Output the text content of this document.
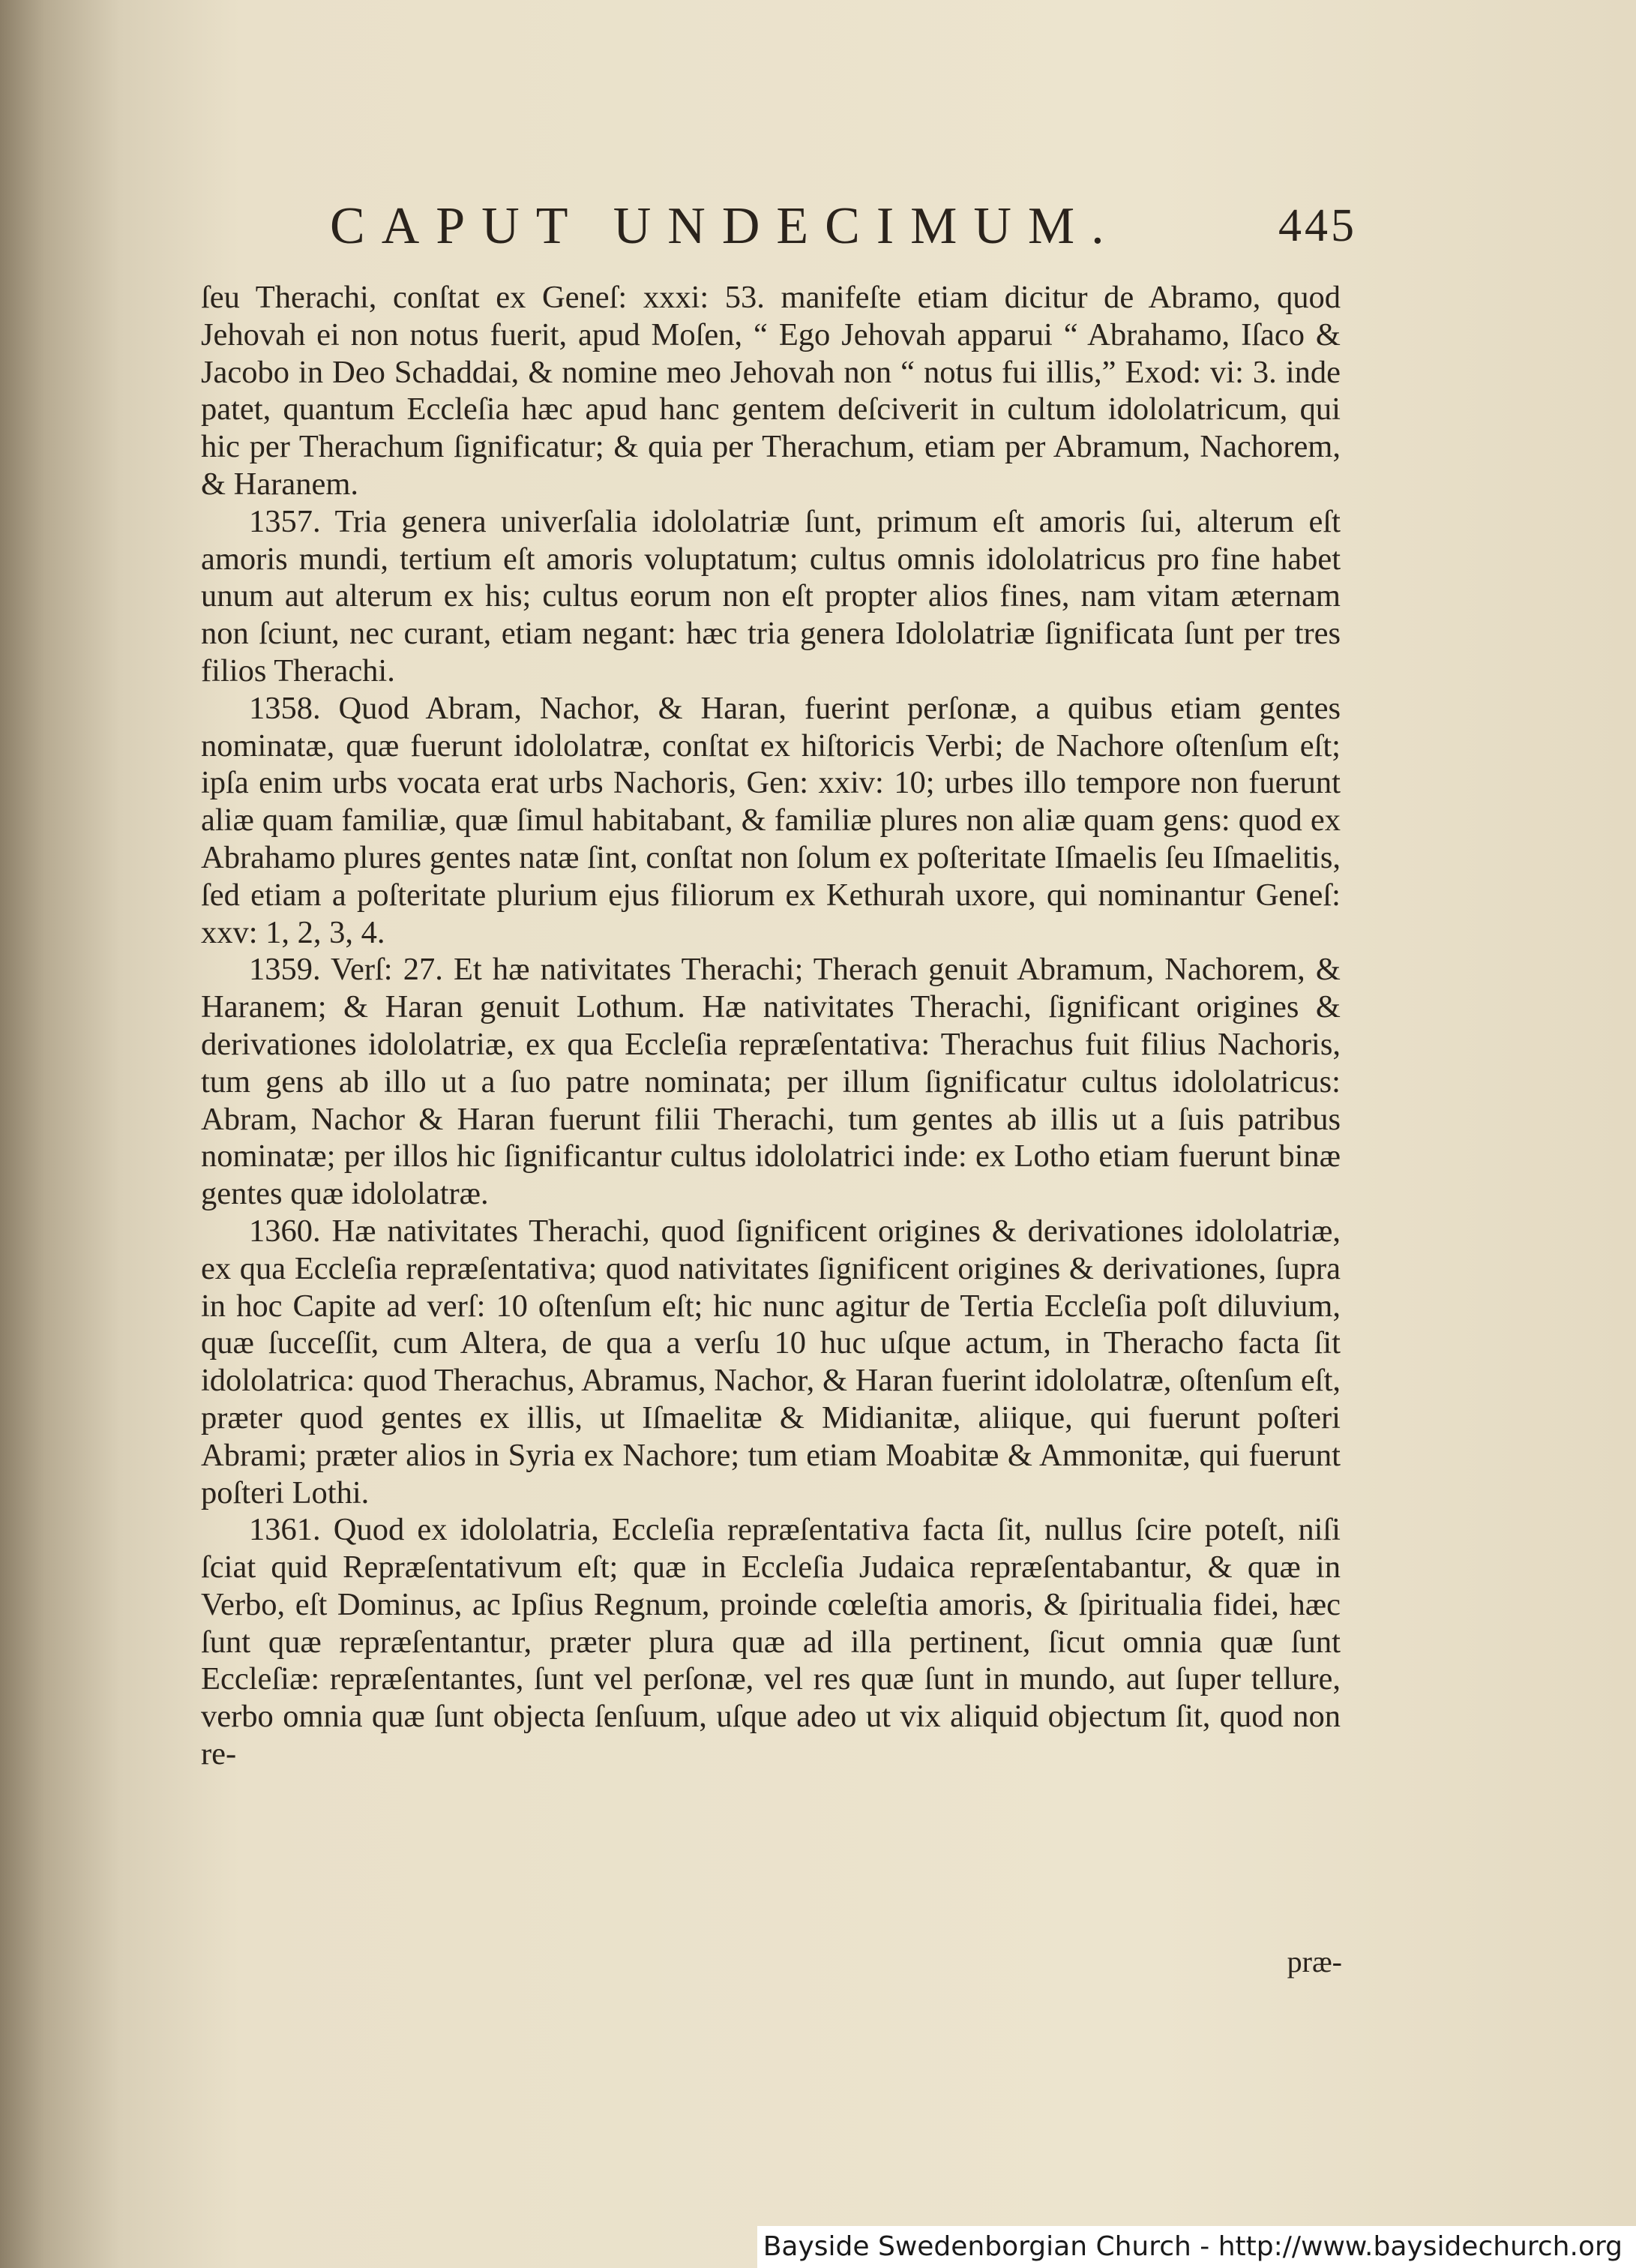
CAPUT UNDECIMUM.	445

ſeu Therachi, conſtat ex Geneſ: xxxi: 53. manifeſte etiam dicitur de Abramo, quod Jehovah ei non notus fuerit, apud Moſen, “ Ego Jehovah apparui “ Abrahamo, Iſaco & Jacobo in Deo Schaddai, & nomine meo Jehovah non “ notus fui illis,” Exod: vi: 3. inde patet, quantum Eccleſia hæc apud hanc gentem deſciverit in cultum idololatricum, qui hic per Therachum ſignificatur; & quia per Therachum, etiam per Abramum, Nachorem, & Haranem.

1357. Tria genera univerſalia idololatriæ ſunt, primum eſt amoris ſui, alterum eſt amoris mundi, tertium eſt amoris voluptatum; cultus omnis idololatricus pro fine habet unum aut alterum ex his; cultus eorum non eſt propter alios fines, nam vitam æternam non ſciunt, nec curant, etiam negant: hæc tria genera Idololatriæ ſignificata ſunt per tres filios Therachi.

1358. Quod Abram, Nachor, & Haran, fuerint perſonæ, a quibus etiam gentes nominatæ, quæ fuerunt idololatræ, conſtat ex hiſtoricis Verbi; de Nachore oſtenſum eſt; ipſa enim urbs vocata erat urbs Nachoris, Gen: xxiv: 10; urbes illo tempore non fuerunt aliæ quam familiæ, quæ ſimul habitabant, & familiæ plures non aliæ quam gens: quod ex Abrahamo plures gentes natæ ſint, conſtat non ſolum ex poſteritate Iſmaelis ſeu Iſmaelitis, ſed etiam a poſteritate plurium ejus filiorum ex Kethurah uxore, qui nominantur Geneſ: xxv: 1, 2, 3, 4.

1359. Verſ: 27. Et hæ nativitates Therachi; Therach genuit Abramum, Nachorem, & Haranem; & Haran genuit Lothum. Hæ nativitates Therachi, ſignificant origines & derivationes idololatriæ, ex qua Eccleſia repræſentativa: Therachus fuit filius Nachoris, tum gens ab illo ut a ſuo patre nominata; per illum ſignificatur cultus idololatricus: Abram, Nachor & Haran fuerunt filii Therachi, tum gentes ab illis ut a ſuis patribus nominatæ; per illos hic ſignificantur cultus idololatrici inde: ex Lotho etiam fuerunt binæ gentes quæ idololatræ.

1360. Hæ nativitates Therachi, quod ſignificent origines & derivationes idololatriæ, ex qua Eccleſia repræſentativa; quod nativitates ſignificent origines & derivationes, ſupra in hoc Capite ad verſ: 10 oſtenſum eſt; hic nunc agitur de Tertia Eccleſia poſt diluvium, quæ ſucceſſit, cum Altera, de qua a verſu 10 huc uſque actum, in Theracho facta ſit idololatrica: quod Therachus, Abramus, Nachor, & Haran fuerint idololatræ, oſtenſum eſt, præter quod gentes ex illis, ut Iſmaelitæ & Midianitæ, aliique, qui fuerunt poſteri Abrami; præter alios in Syria ex Nachore; tum etiam Moabitæ & Ammonitæ, qui fuerunt poſteri Lothi.

1361. Quod ex idololatria, Eccleſia repræſentativa facta ſit, nullus ſcire poteſt, niſi ſciat quid Repræſentativum eſt; quæ in Eccleſia Judaica repræſentabantur, & quæ in Verbo, eſt Dominus, ac Ipſius Regnum, proinde cœleſtia amoris, & ſpiritualia fidei, hæc ſunt quæ repræſentantur, præter plura quæ ad illa pertinent, ſicut omnia quæ ſunt Eccleſiæ: repræſentantes, ſunt vel perſonæ, vel res quæ ſunt in mundo, aut ſuper tellure, verbo omnia quæ ſunt objecta ſenſuum, uſque adeo ut vix aliquid objectum ſit, quod non re-

præ-
Bayside Swedenborgian Church - http://www.baysidechurch.org
